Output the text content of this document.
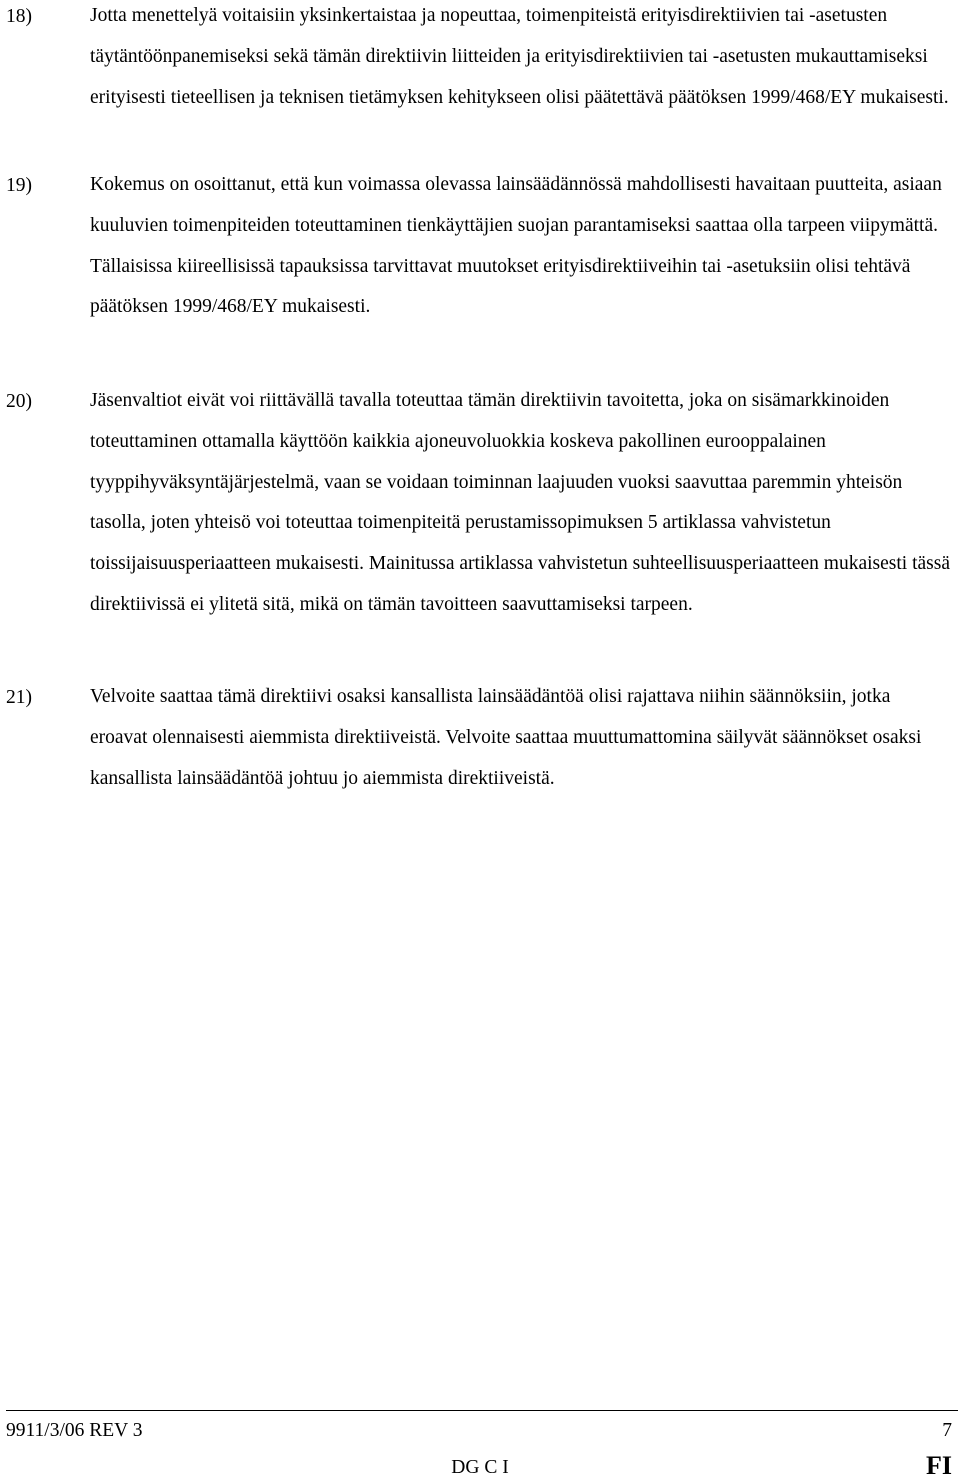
18)	Jotta menettelyä voitaisiin yksinkertaistaa ja nopeuttaa, toimenpiteistä erityisdirektiivien tai -asetusten täytäntöönpanemiseksi sekä tämän direktiivin liitteiden ja erityisdirektiivien tai -asetusten mukauttamiseksi erityisesti tieteellisen ja teknisen tietämyksen kehitykseen olisi päätettävä päätöksen 1999/468/EY mukaisesti.
19)	Kokemus on osoittanut, että kun voimassa olevassa lainsäädännössä mahdollisesti havaitaan puutteita, asiaan kuuluvien toimenpiteiden toteuttaminen tienkäyttäjien suojan parantamiseksi saattaa olla tarpeen viipymättä. Tällaisissa kiireellisissä tapauksissa tarvittavat muutokset erityisdirektiiveihin tai -asetuksiin olisi tehtävä päätöksen 1999/468/EY mukaisesti.
20)	Jäsenvaltiot eivät voi riittävällä tavalla toteuttaa tämän direktiivin tavoitetta, joka on sisämarkkinoiden toteuttaminen ottamalla käyttöön kaikkia ajoneuvoluokkia koskeva pakollinen eurooppalainen tyyppihyväksyntäjärjestelmä, vaan se voidaan toiminnan laajuuden vuoksi saavuttaa paremmin yhteisön tasolla, joten yhteisö voi toteuttaa toimenpiteitä perustamissopimuksen 5 artiklassa vahvistetun toissijaisuusperiaatteen mukaisesti. Mainitussa artiklassa vahvistetun suhteellisuusperiaatteen mukaisesti tässä direktiivissä ei ylitetä sitä, mikä on tämän tavoitteen saavuttamiseksi tarpeen.
21)	Velvoite saattaa tämä direktiivi osaksi kansallista lainsäädäntöä olisi rajattava niihin säännöksiin, jotka eroavat olennaisesti aiemmista direktiiveistä. Velvoite saattaa muuttumattomina säilyvät säännökset osaksi kansallista lainsäädäntöä johtuu jo aiemmista direktiiveistä.
9911/3/06 REV 3	7
DG C I	FI
